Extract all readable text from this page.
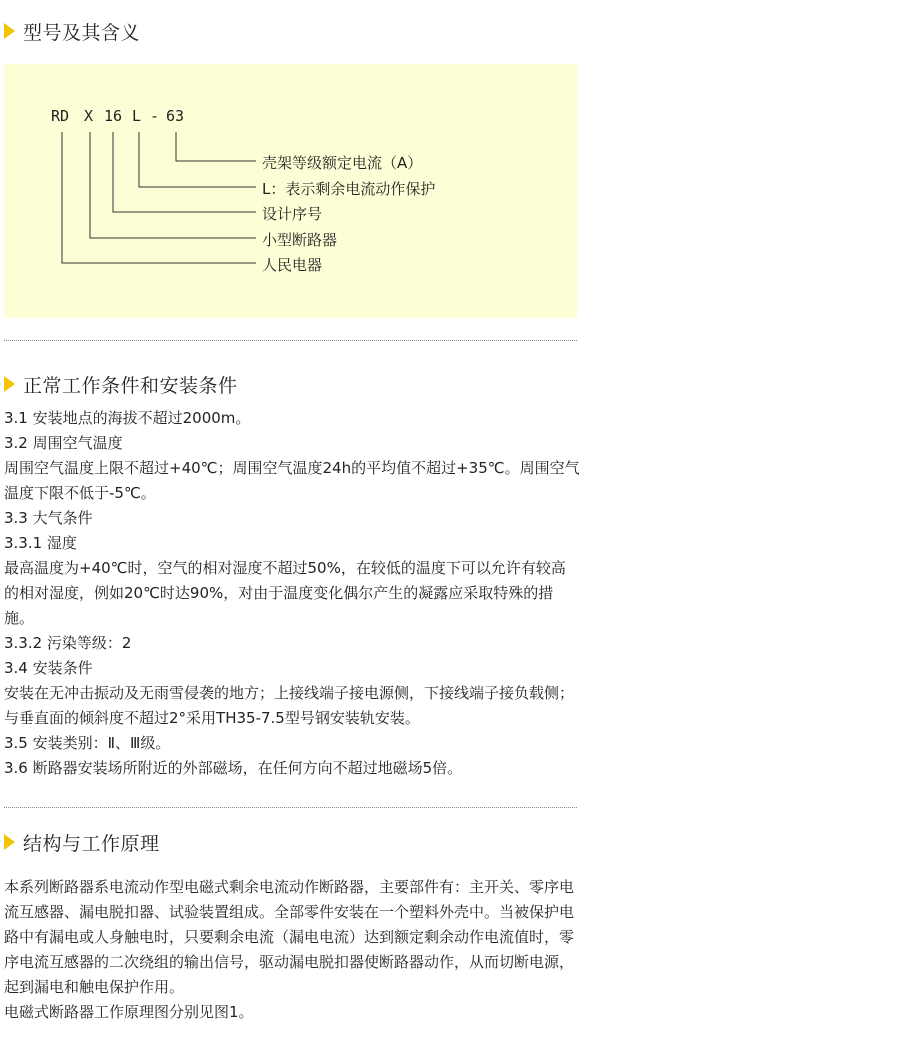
型号及其含义
RD X 16 L - 63
壳架等级额定电流（A）
L：表示剩余电流动作保护
设计序号
小型断路器
人民电器
正常工作条件和安装条件

3.1 安装地点的海拔不超过2000m。

3.2 周围空气温度

周围空气温度上限不超过+40℃；周围空气温度24h的平均值不超过+35℃。周围空气温度下限不低于-5℃。

3.3 大气条件

3.3.1 湿度

最高温度为+40℃时，空气的相对湿度不超过50%，在较低的温度下可以允许有较高的相对湿度，例如20℃时达90%，对由于温度变化偶尔产生的凝露应采取特殊的措施。

3.3.2 污染等级：2

3.4 安装条件

安装在无冲击振动及无雨雪侵袭的地方；上接线端子接电源侧，下接线端子接负载侧；与垂直面的倾斜度不超过2°采用TH35-7.5型号钢安装轨安装。

3.5 安装类别：Ⅱ、Ⅲ级。

3.6 断路器安装场所附近的外部磁场，在任何方向不超过地磁场5倍。

结构与工作原理

本系列断路器系电流动作型电磁式剩余电流动作断路器，主要部件有：主开关、零序电流互感器、漏电脱扣器、试验装置组成。全部零件安装在一个塑料外壳中。当被保护电路中有漏电或人身触电时，只要剩余电流（漏电电流）达到额定剩余动作电流值时，零序电流互感器的二次绕组的输出信号，驱动漏电脱扣器使断路器动作，从而切断电源，起到漏电和触电保护作用。

电磁式断路器工作原理图分别见图1。
